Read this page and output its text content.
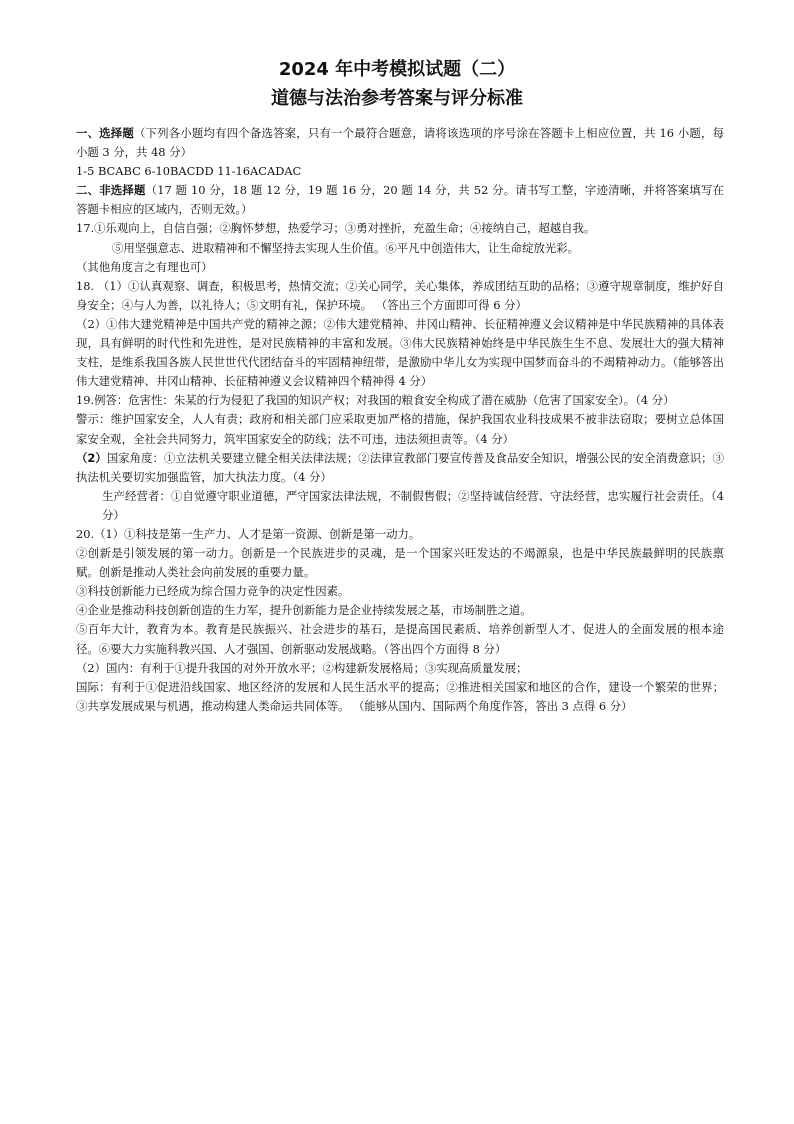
2024 年中考模拟试题（二）
道德与法治参考答案与评分标准

一、选择题（下列各小题均有四个备选答案，只有一个最符合题意，请将该选项的序号涂在答题卡上相应位置，共 16 小题，每小题 3 分，共 48 分）

1-5 BCABC 6-10BACDD 11-16ACADAC

二、非选择题（17 题 10 分，18 题 12 分，19 题 16 分，20 题 14 分，共 52 分。请书写工整，字迹清晰，并将答案填写在答题卡相应的区域内，否则无效。）

17.①乐观向上，自信自强；②胸怀梦想，热爱学习；③勇对挫折，充盈生命；④接纳自己，超越自我。

⑤用坚强意志、进取精神和不懈坚持去实现人生价值。⑥平凡中创造伟大，让生命绽放光彩。

（其他角度言之有理也可）

18. （1）①认真观察、调查，积极思考，热情交流；②关心同学，关心集体，养成团结互助的品格；③遵守规章制度，维护好自身安全；④与人为善，以礼待人；⑤文明有礼，保护环境。 （答出三个方面即可得 6 分）

（2）①伟大建党精神是中国共产党的精神之源；②伟大建党精神、井冈山精神、长征精神遵义会议精神是中华民族精神的具体表现，具有鲜明的时代性和先进性，是对民族精神的丰富和发展。③伟大民族精神始终是中华民族生生不息、发展壮大的强大精神支柱，是维系我国各族人民世世代代团结奋斗的牢固精神纽带，是激励中华儿女为实现中国梦而奋斗的不竭精神动力。（能够答出伟大建党精神、井冈山精神、长征精神遵义会议精神四个精神得 4 分）

19.例答：危害性：朱某的行为侵犯了我国的知识产权；对我国的粮食安全构成了潜在威胁（危害了国家安全）。（4 分）

警示：维护国家安全，人人有责；政府和相关部门应采取更加严格的措施，保护我国农业科技成果不被非法窃取；要树立总体国家安全观，全社会共同努力，筑牢国家安全的防线；法不可违，违法须担责等。（4 分）

（2）国家角度：①立法机关要建立健全相关法律法规；②法律宣教部门要宣传普及食品安全知识，增强公民的安全消费意识；③执法机关要切实加强监管，加大执法力度。（4 分）

生产经营者：①自觉遵守职业道德，严守国家法律法规，不制假售假；②坚持诚信经营、守法经营，忠实履行社会责任。（4 分）

20.（1）①科技是第一生产力、人才是第一资源、创新是第一动力。

②创新是引领发展的第一动力。创新是一个民族进步的灵魂，是一个国家兴旺发达的不竭源泉，也是中华民族最鲜明的民族禀赋。创新是推动人类社会向前发展的重要力量。

③科技创新能力已经成为综合国力竞争的决定性因素。

④企业是推动科技创新创造的生力军，提升创新能力是企业持续发展之基，市场制胜之道。

⑤百年大计，教育为本。教育是民族振兴、社会进步的基石，是提高国民素质、培养创新型人才、促进人的全面发展的根本途径。⑥要大力实施科教兴国、人才强国、创新驱动发展战略。（答出四个方面得 8 分）

（2）国内：有利于①提升我国的对外开放水平；②构建新发展格局；③实现高质量发展；

国际：有利于①促进沿线国家、地区经济的发展和人民生活水平的提高；②推进相关国家和地区的合作，建设一个繁荣的世界；③共享发展成果与机遇，推动构建人类命运共同体等。 （能够从国内、国际两个角度作答，答出 3 点得 6 分）
